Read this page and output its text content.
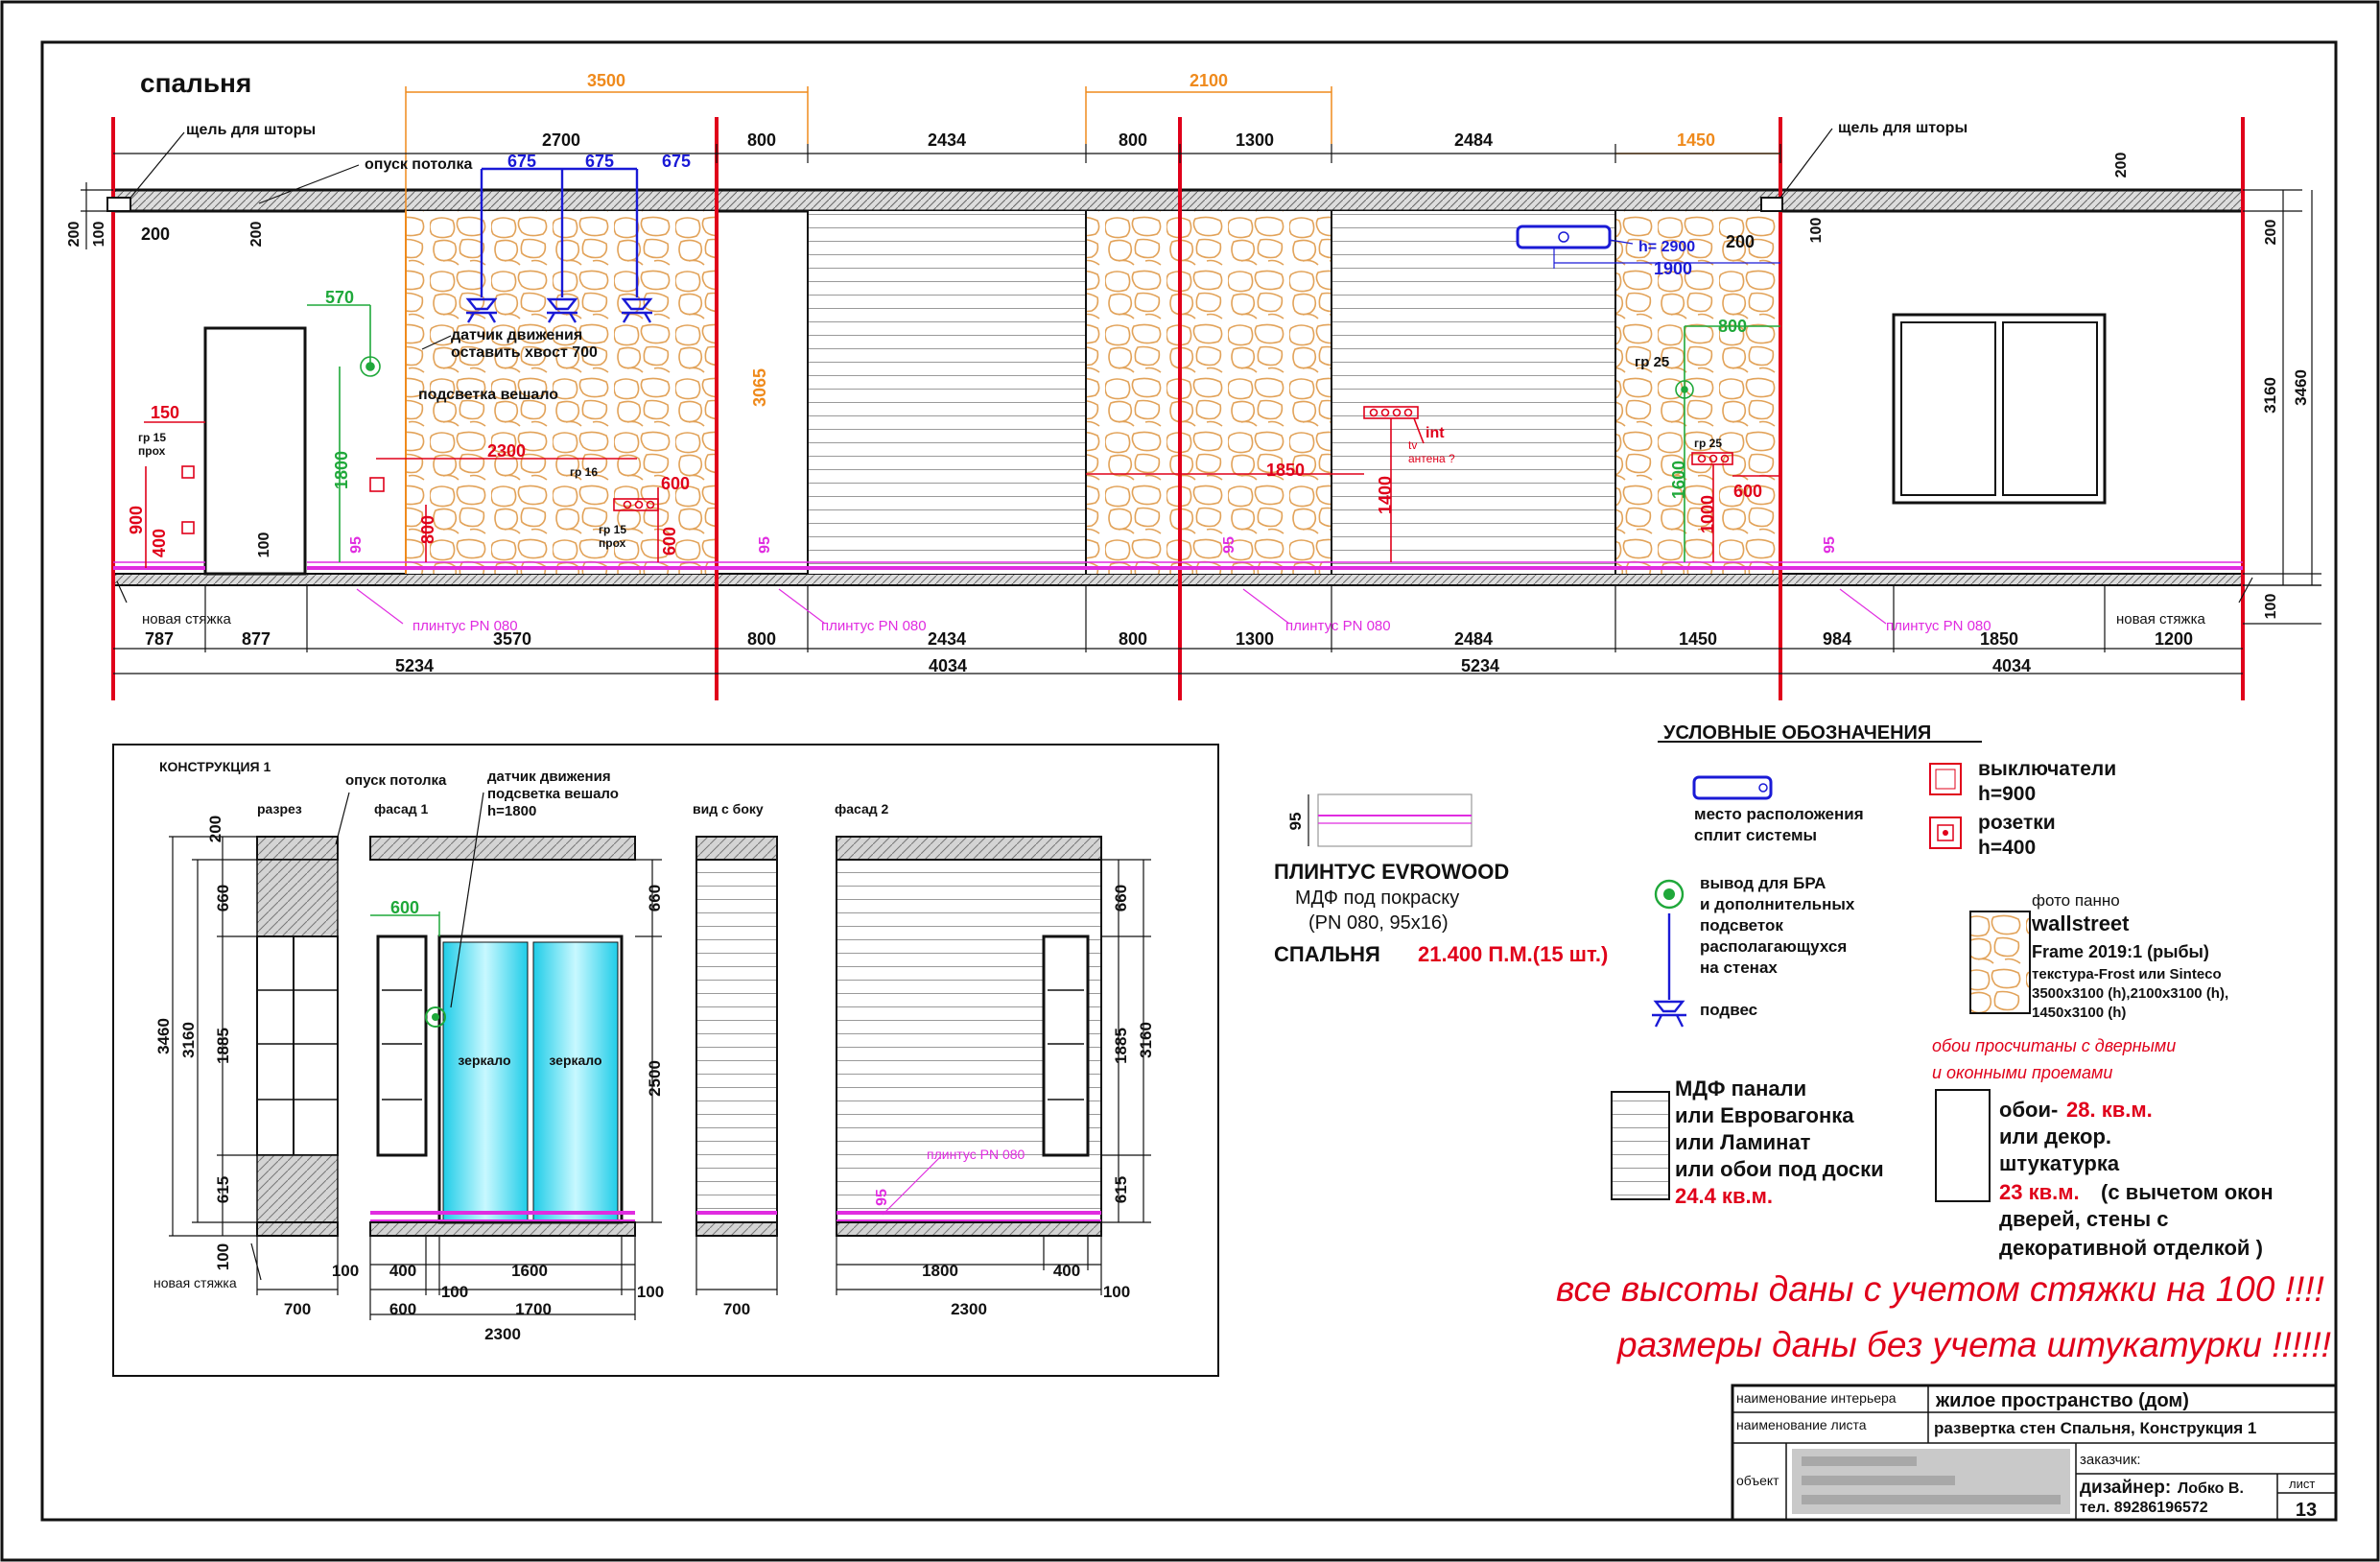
спальня
щель для шторы	щель для шторы
опуск потолка
новая стяжка	новая стяжка
плинтус PN 080	плинтус PN 080	плинтус PN 080	плинтус PN 080
датчик движения
оставить хвост 700
подсветка вешало
h= 2900
int
tv
антена ?
гр 16
гр 15
прох
гр 15
прох
гр 25
гр 25
3500	2100
1450
3065
2700	800	2434	800	1300	2484
200
200	200
100	200	200	100	200
3160 3460
100
100
675	675	675
1900
570
1800
800
1600
150
900
400
2300
600
600
800
1850
1400	1000
600
95	95	95	95
787	877	3570	800	2434	800	1300	2484	1450	984	1850	1200
5234	4034	5234	4034
КОНСТРУКЦИЯ 1
разрез	фасад 1	вид с боку	фасад 2
опуск потолка	датчик движения
подсветка вешало
h=1800
зеркало	зеркало
новая стяжка
плинтус PN 080
200
660
3460 3160 1885
615
100
600	660
2500
660
3160
1885
615
95
100 400	1600
100	100
700	600	1700
2300
700
1800	400
100
2300
95
ПЛИНТУС EVROWOOD
МДФ под покраску
(PN 080, 95x16)
СПАЛЬНЯ 21.400 П.М.(15 шт.)
УСЛОВНЫЕ ОБОЗНАЧЕНИЯ
место расположения
сплит системы
вывод для БРА
и дополнительных
подсветок
располагающухся
на стенах
подвес
выключатели
h=900
розетки
h=400
фото панно
wallstreet
Frame 2019:1 (рыбы)
текстура-Frost или Sinteco
3500x3100 (h),2100x3100 (h),
1450x3100 (h)
обои просчитаны с дверными
и оконными проемами
МДФ панали
или Евровагонка
или Ламинат
или обои под доски
24.4 кв.м.
обои- 28. кв.м.
или декор.
штукатурка
23 кв.м. (с вычетом окон
дверей, стены с
декоративной отделкой )
все высоты даны с учетом стяжки на 100 !!!!
размеры даны без учета штукатурки !!!!!!
наименование интерьера жилое пространство (дом)
наименование листа	развертка стен Спальня, Конструкция 1
объект
заказчик:
дизайнер: Лобко В.
тел. 89286196572
лист
13
